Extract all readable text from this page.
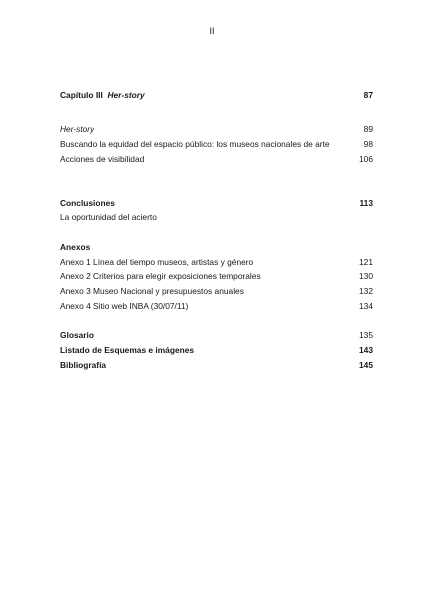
II
Capítulo III Her-story	87
Her-story	89
Buscando la equidad del espacio público: los museos nacionales de arte	98
Acciones de visibilidad	106
Conclusiones	113
La oportunidad del acierto
Anexos
Anexo 1 Línea del tiempo museos, artistas y género	121
Anexo 2 Criterios para elegir exposiciones temporales	130
Anexo 3 Museo Nacional y presupuestos anuales	132
Anexo 4 Sitio web INBA (30/07/11)	134
Glosario	135
Listado de Esquemas e imágenes	143
Bibliografía	145
